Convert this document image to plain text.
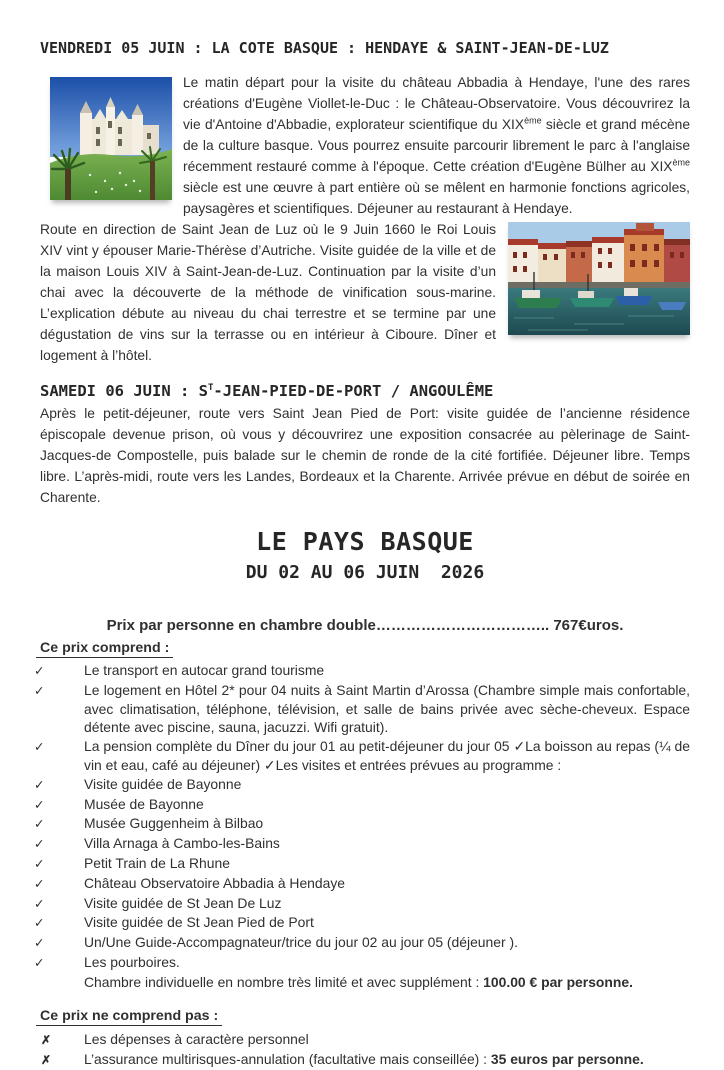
VENDREDI 05 JUIN : LA COTE BASQUE : HENDAYE & SAINT-JEAN-DE-LUZ
Le matin départ pour la visite du château Abbadia à Hendaye, l'une des rares créations d'Eugène Viollet-le-Duc : le Château-Observatoire. Vous découvrirez la vie d'Antoine d'Abbadie, explorateur scientifique du XIXème siècle et grand mécène de la culture basque. Vous pourrez ensuite parcourir librement le parc à l'anglaise récemment restauré comme à l'époque. Cette création d'Eugène Bülher au XIXème siècle est une œuvre à part entière où se mêlent en harmonie fonctions agricoles, paysagères et scientifiques. Déjeuner au restaurant à Hendaye.

Route en direction de Saint Jean de Luz où le 9 Juin 1660 le Roi Louis XIV vint y épouser Marie-Thérèse d’Autriche. Visite guidée de la ville et de la maison Louis XIV à Saint-Jean-de-Luz. Continuation par la visite d’un chai avec la découverte de la méthode de vinification sous-marine. L’explication débute au niveau du chai terrestre et se termine par une dégustation de vins sur la terrasse ou en intérieur à Ciboure. Dîner et logement à l’hôtel.
SAMEDI 06 JUIN : $S^T-JEAN-PIED-DE$-PORT / ANGOULÊME
Après le petit-déjeuner, route vers Saint Jean Pied de Port: visite guidée de l’ancienne résidence épiscopale devenue prison, où vous y découvrirez une exposition consacrée au pèlerinage de Saint-Jacques-de Compostelle, puis balade sur le chemin de ronde de la cité fortifiée. Déjeuner libre. Temps libre. L’après-midi, route vers les Landes, Bordeaux et la Charente. Arrivée prévue en début de soirée en Charente.
LE PAYS BASQUE
DU 02 AU 06 JUIN  2026
Prix par personne en chambre double…………………………….. 767€uros.
Ce prix comprend :
✓	Le transport en autocar grand tourisme
✓	Le logement en Hôtel 2* pour 04 nuits à Saint Martin d’Arossa (Chambre simple mais confortable, avec climatisation, téléphone, télévision, et salle de bains privée avec sèche-cheveux. Espace détente avec piscine, sauna, jacuzzi. Wifi gratuit).
✓	La pension complète du Dîner du jour 01 au petit-déjeuner du jour 05 ✓La boisson au repas (¼ de vin et eau, café au déjeuner) ✓Les visites et entrées prévues au programme :
✓	Visite guidée de Bayonne
✓	Musée de Bayonne
✓	Musée Guggenheim à Bilbao
✓	Villa Arnaga à Cambo-les-Bains
✓	Petit Train de La Rhune
✓	Château Observatoire Abbadia à Hendaye
✓	Visite guidée de St Jean De Luz
✓	Visite guidée de St Jean Pied de Port
✓	Un/Une Guide-Accompagnateur/trice du jour 02 au jour 05 (déjeuner ).
✓	Les pourboires.
Chambre individuelle en nombre très limité et avec supplément : 100.00 € par personne.
Ce prix ne comprend pas :
✗	Les dépenses à caractère personnel
✗	L’assurance multirisques-annulation (facultative mais conseillée) : 35 euros par personne.
